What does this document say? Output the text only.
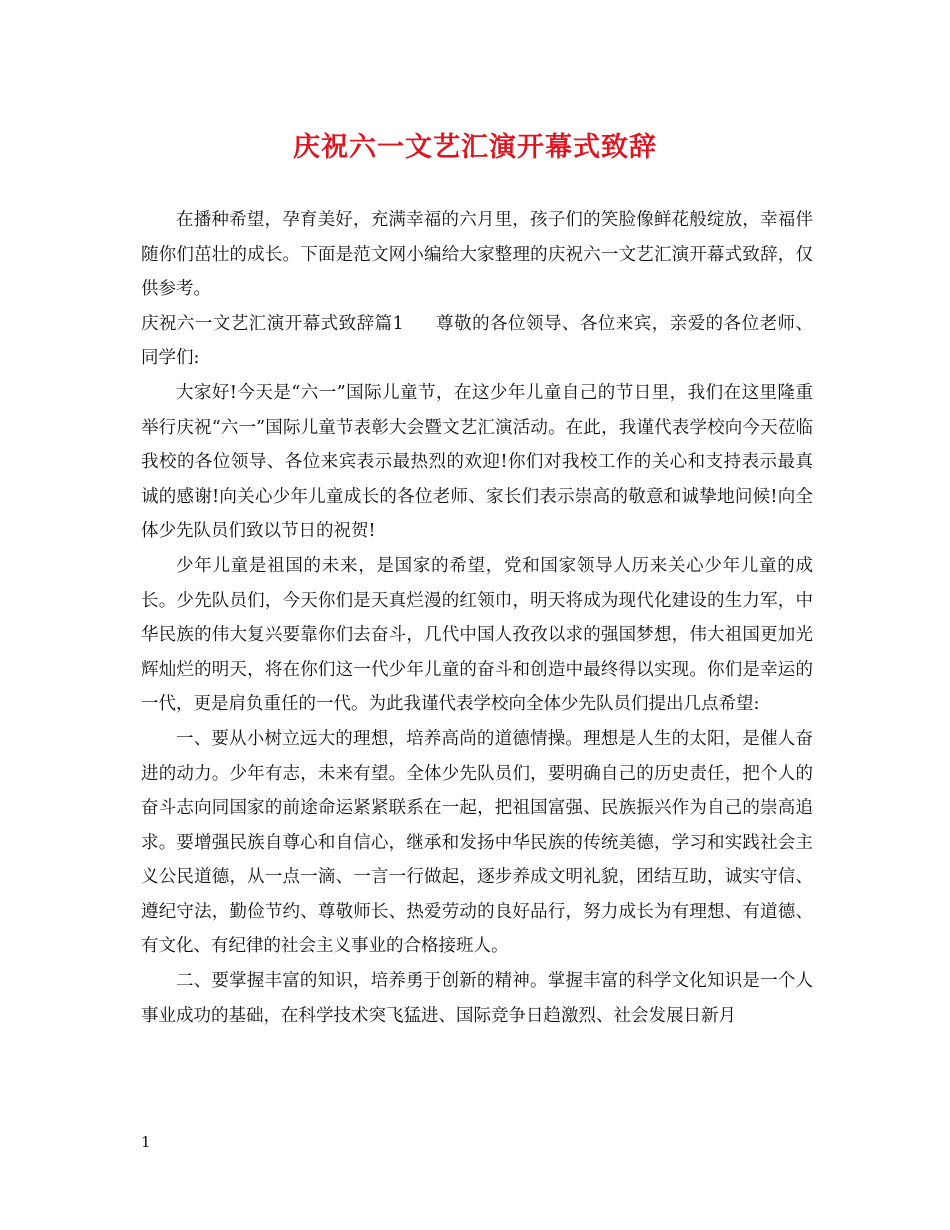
庆祝六一文艺汇演开幕式致辞

在播种希望，孕育美好，充满幸福的六月里，孩子们的笑脸像鲜花般绽放，幸福伴随你们茁壮的成长。下面是范文网小编给大家整理的庆祝六一文艺汇演开幕式致辞，仅供参考。

庆祝六一文艺汇演开幕式致辞篇1 尊敬的各位领导、各位来宾，亲爱的各位老师、同学们:

大家好!今天是“六一”国际儿童节，在这少年儿童自己的节日里，我们在这里隆重举行庆祝“六一”国际儿童节表彰大会暨文艺汇演活动。在此，我谨代表学校向今天莅临我校的各位领导、各位来宾表示最热烈的欢迎!你们对我校工作的关心和支持表示最真诚的感谢!向关心少年儿童成长的各位老师、家长们表示崇高的敬意和诚挚地问候!向全体少先队员们致以节日的祝贺!

少年儿童是祖国的未来，是国家的希望，党和国家领导人历来关心少年儿童的成长。少先队员们，今天你们是天真烂漫的红领巾，明天将成为现代化建设的生力军，中华民族的伟大复兴要靠你们去奋斗，几代中国人孜孜以求的强国梦想，伟大祖国更加光辉灿烂的明天，将在你们这一代少年儿童的奋斗和创造中最终得以实现。你们是幸运的一代，更是肩负重任的一代。为此我谨代表学校向全体少先队员们提出几点希望:

一、要从小树立远大的理想，培养高尚的道德情操。理想是人生的太阳，是催人奋进的动力。少年有志，未来有望。全体少先队员们，要明确自己的历史责任，把个人的奋斗志向同国家的前途命运紧紧联系在一起，把祖国富强、民族振兴作为自己的崇高追求。要增强民族自尊心和自信心，继承和发扬中华民族的传统美德，学习和实践社会主义公民道德，从一点一滴、一言一行做起，逐步养成文明礼貌，团结互助，诚实守信、遵纪守法，勤俭节约、尊敬师长、热爱劳动的良好品行，努力成长为有理想、有道德、有文化、有纪律的社会主义事业的合格接班人。

二、要掌握丰富的知识，培养勇于创新的精神。掌握丰富的科学文化知识是一个人事业成功的基础，在科学技术突飞猛进、国际竞争日趋激烈、社会发展日新月

1
